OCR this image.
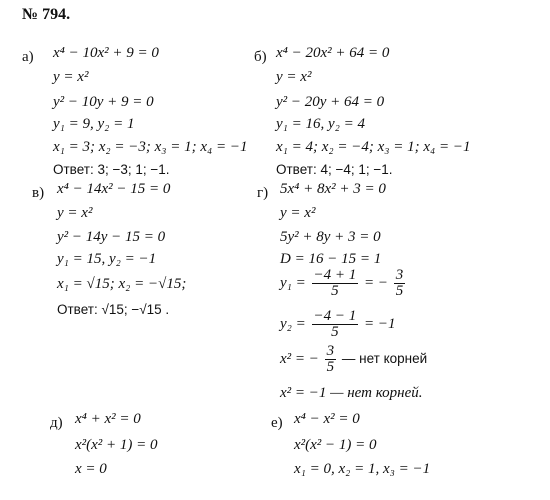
№ 794.
а) x⁴ − 10x² + 9 = 0
y = x²
y² − 10y + 9 = 0
y₁ = 9, y₂ = 1
x₁ = 3; x₂ = −3; x₃ = 1; x₄ = −1
Ответ: 3; −3; 1; −1.
б) x⁴ − 20x² + 64 = 0
y = x²
y² − 20y + 64 = 0
y₁ = 16, y₂ = 4
x₁ = 4; x₂ = −4; x₃ = 1; x₄ = −1
Ответ: 4; −4; 1; −1.
в) x⁴ − 14x² − 15 = 0
y = x²
y² − 14y − 15 = 0
y₁ = 15, y₂ = −1
x₁ = √15; x₂ = −√15;
Ответ: √15; −√15 .
г) 5x⁴ + 8x² + 3 = 0
y = x²
5y² + 8y + 3 = 0
D = 16 − 15 = 1
$y_1 = \frac{-4 + 1}{5}$ = − $\frac{3}{5}$
$y_2 = \frac{-4 - 1}{5} = -1$
x² = − $\frac{3}{5}$ — нет корней
x² = −1 — нет корней.
д) x⁴ + x² = 0
x²(x² + 1) = 0
x = 0
е) x⁴ − x² = 0
x²(x² − 1) = 0
x₁ = 0, x₂ = 1, x₃ = −1
